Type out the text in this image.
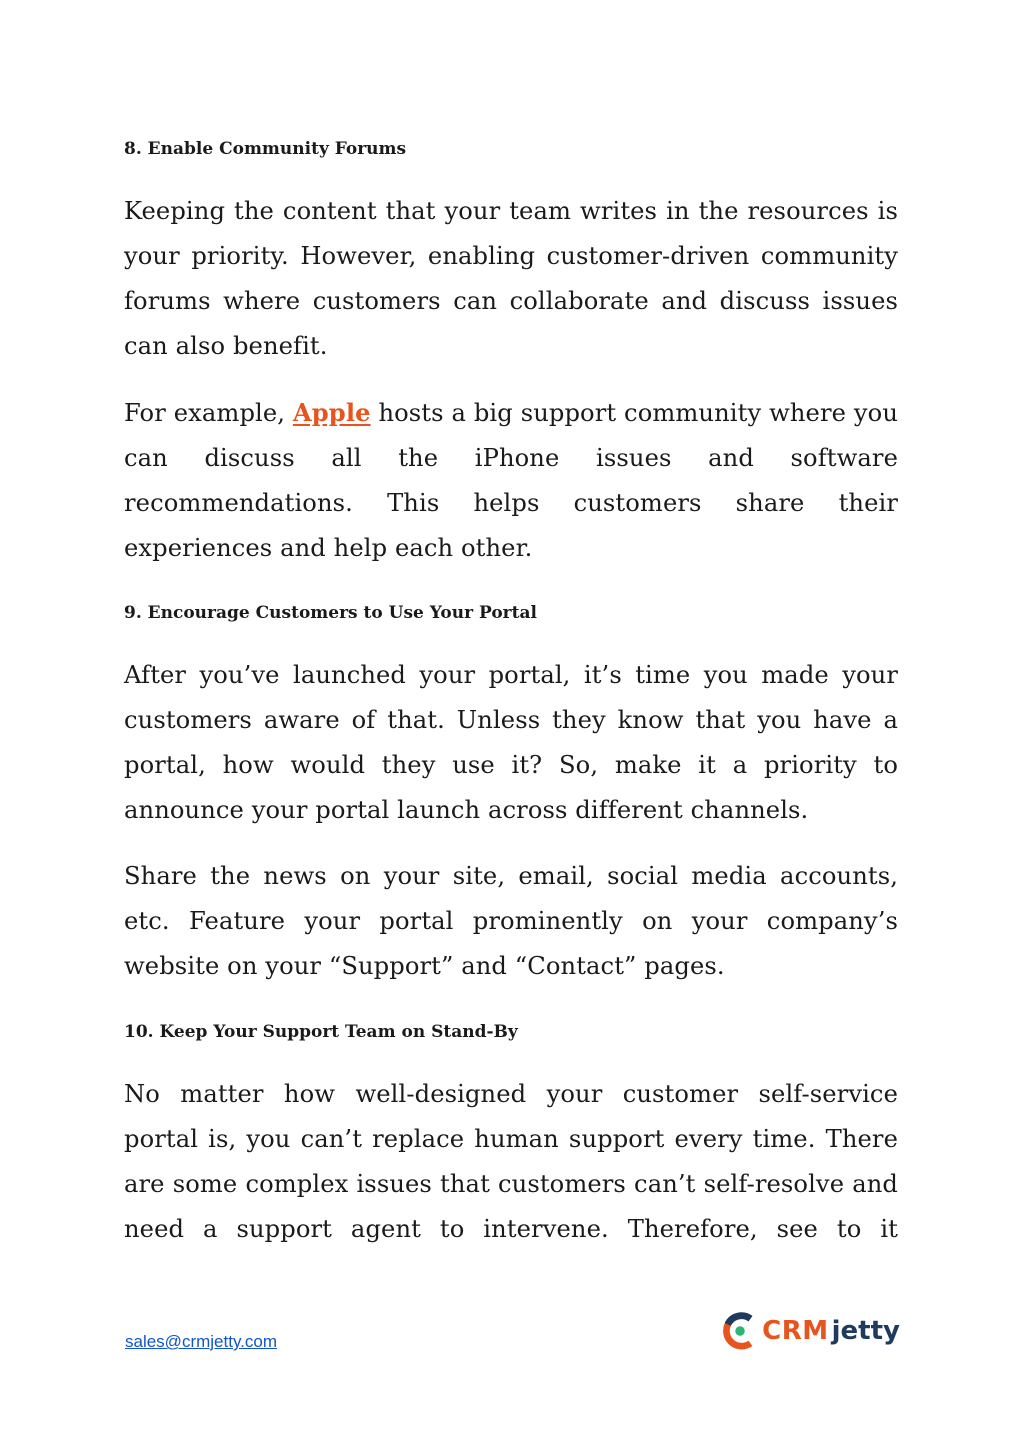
8. Enable Community Forums

Keeping the content that your team writes in the resources is your priority. However, enabling customer-driven community forums where customers can collaborate and discuss issues can also benefit.

For example, Apple hosts a big support community where you can discuss all the iPhone issues and software recommendations. This helps customers share their experiences and help each other.

9. Encourage Customers to Use Your Portal

After you’ve launched your portal, it’s time you made your customers aware of that. Unless they know that you have a portal, how would they use it? So, make it a priority to announce your portal launch across different channels.

Share the news on your site, email, social media accounts, etc. Feature your portal prominently on your company’s website on your “Support” and “Contact” pages.

10. Keep Your Support Team on Stand-By

No matter how well-designed your customer self-service portal is, you can’t replace human support every time. There are some complex issues that customers can’t self-resolve and need a support agent to intervene. Therefore, see to it

sales@crmjetty.com	CRM jetty
